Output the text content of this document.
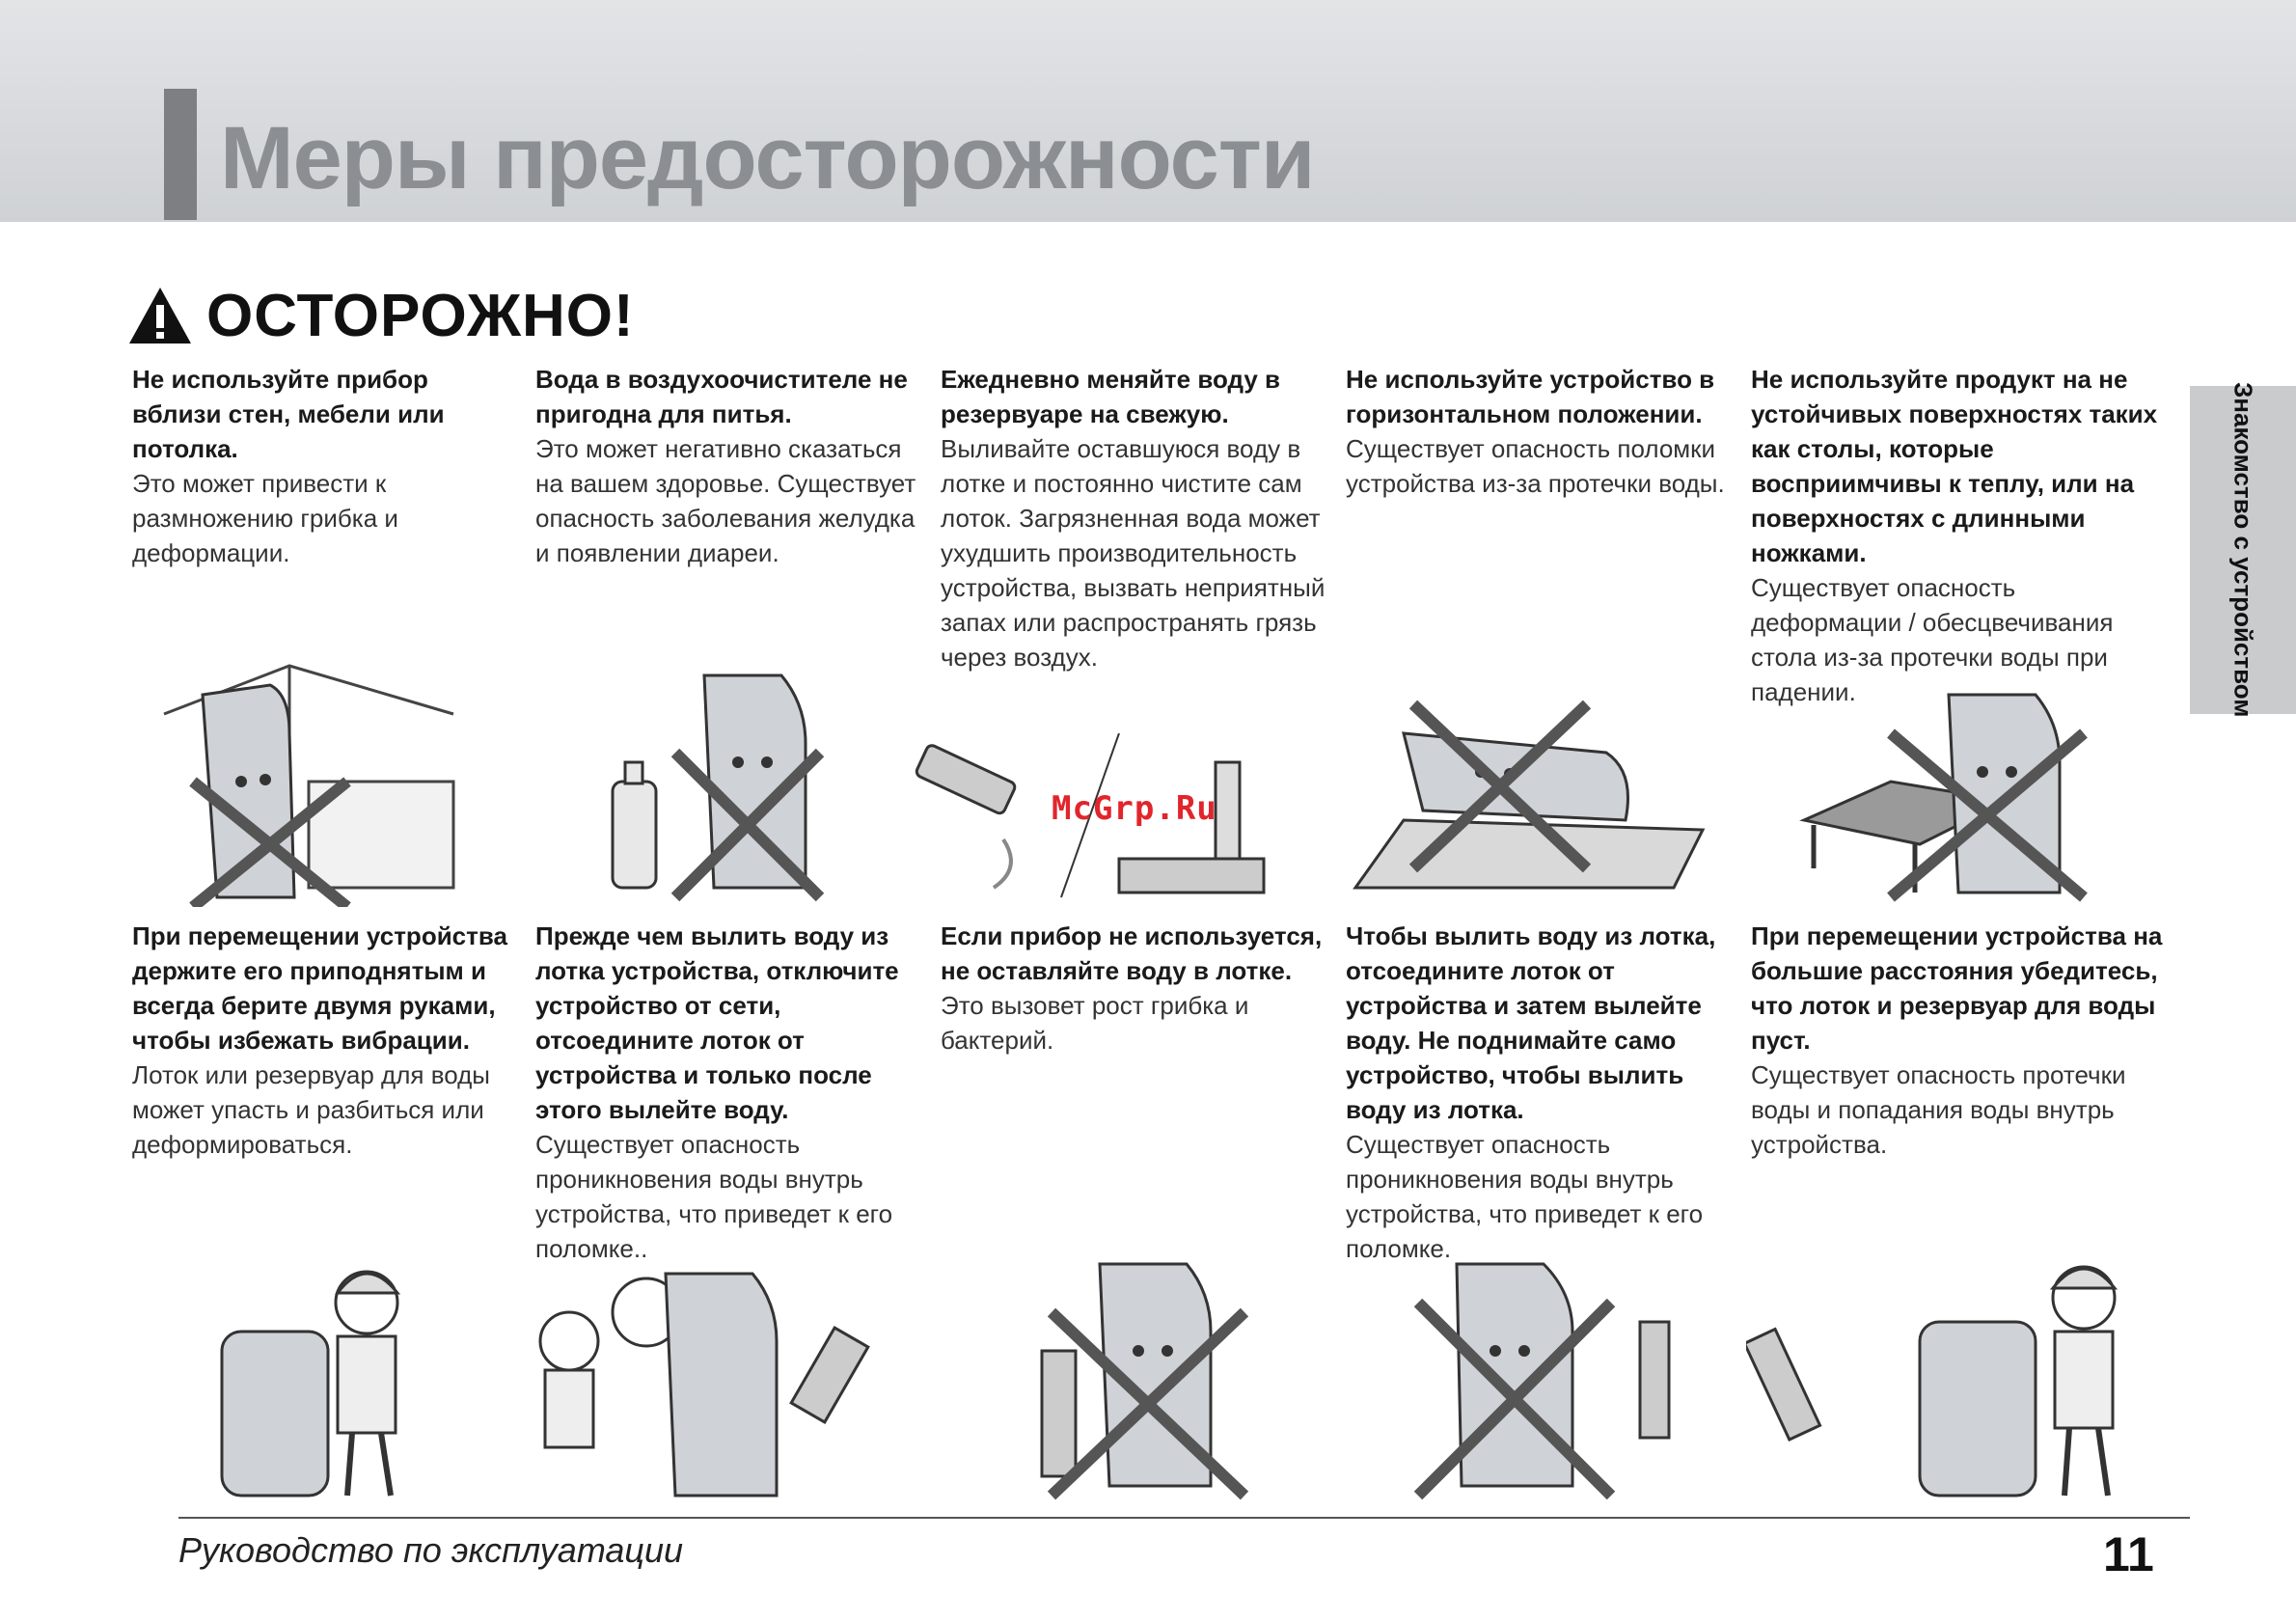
Меры предосторожности
ОСТОРОЖНО!
Знакомство с устройством

Не используйте прибор вблизи стен, мебели или потолка.

Это может привести к размножению грибка и деформации.

Вода в воздухоочистителе не пригодна для питья.

Это может негативно сказаться на вашем здоровье. Существует опасность заболевания желудка и появлении диареи.

Ежедневно меняйте воду в резервуаре на свежую.

Выливайте оставшуюся воду в лотке и постоянно чистите сам лоток. Загрязненная вода может ухудшить производительность устройства, вызвать неприятный запах или распространять грязь через воздух.

Не используйте устройство в горизонтальном положении.

Существует опасность поломки устройства из-за протечки воды.

Не используйте продукт на не устойчивых поверхностях таких как столы, которые восприимчивы к теплу, или на поверхностях с длинными ножками.

Существует опасность деформации / обесцвечивания стола из-за протечки воды при падении.

При перемещении устройства держите его приподнятым и всегда берите двумя руками, чтобы избежать вибрации.

Лоток или резервуар для воды может упасть и разбиться или деформироваться.

Прежде чем вылить воду из лотка устройства, отключите устройство от сети, отсоедините лоток от устройства и только после этого вылейте воду.

Существует опасность проникновения воды внутрь устройства, что приведет к его поломке..

Если прибор не используется, не оставляйте воду в лотке.

Это вызовет рост грибка и бактерий.

Чтобы вылить воду из лотка, отсоедините лоток от устройства и затем вылейте воду. Не поднимайте само устройство, чтобы вылить воду из лотка.

Существует опасность проникновения воды внутрь устройства, что приведет к его поломке.

При перемещении устройства на большие расстояния убедитесь, что лоток и резервуар для воды пуст.

Существует опасность протечки воды и попадания воды внутрь устройства.

McGrp.Ru
Руководство по эксплуатации	11
